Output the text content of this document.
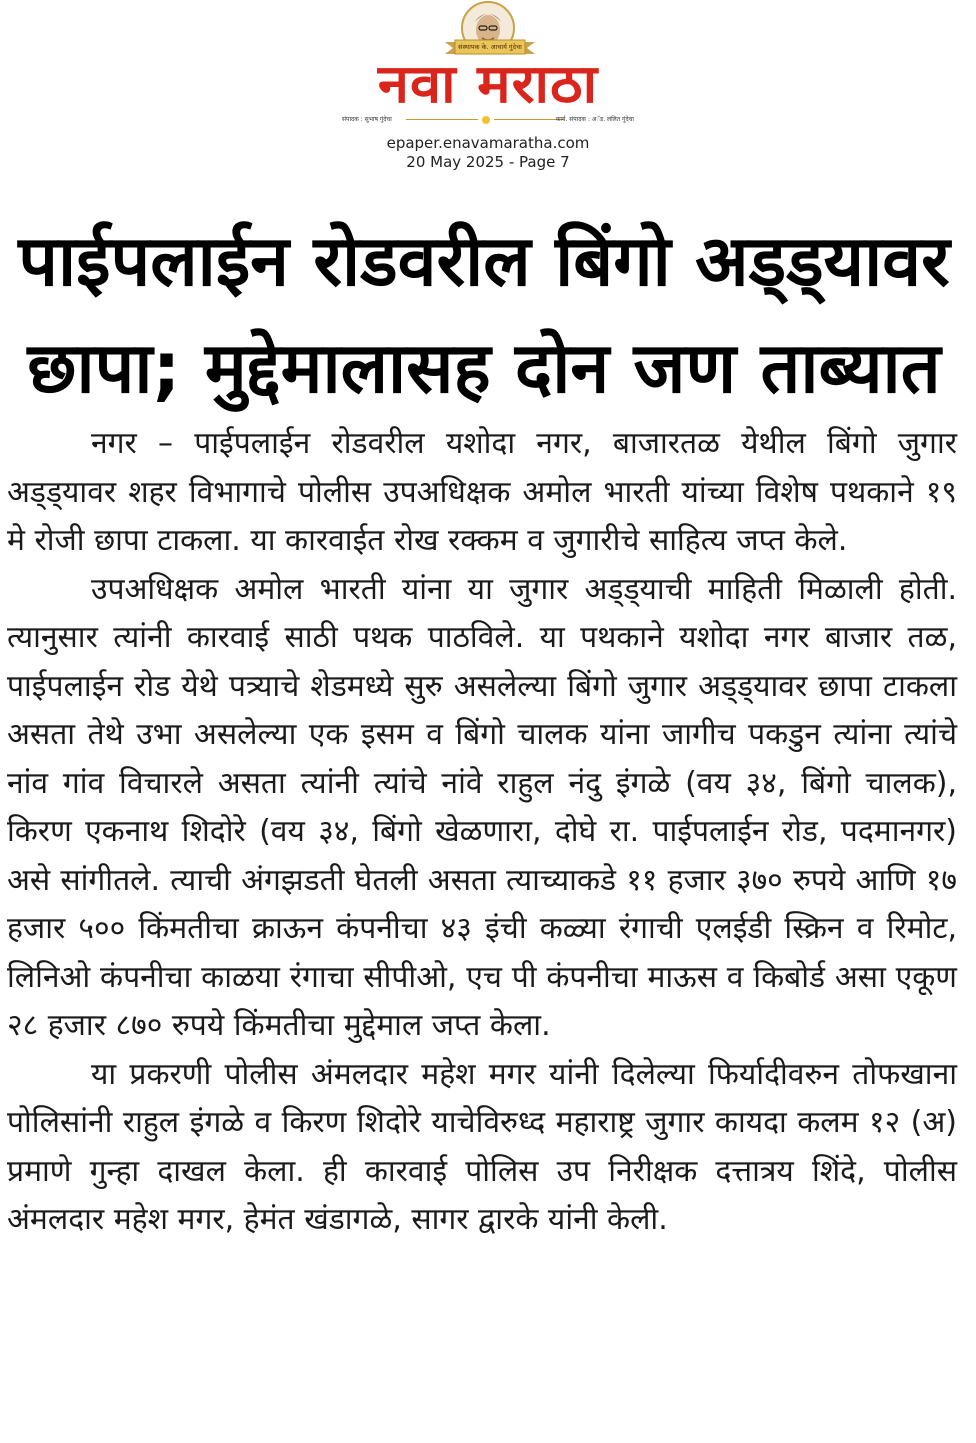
संस्थापक के. आचार्य गुंदेचा
नवा मराठा
संपादक : सुभाष गुंदेचा	कार्य. संपादक : अॅड. ललित गुंदेचा
epaper.enavamaratha.com
20 May 2025 - Page 7
पाईपलाईन रोडवरील बिंगो अड्ड्यावर
छापा; मुद्देमालासह दोन जण ताब्यात

नगर – पाईपलाईन रोडवरील यशोदा नगर, बाजारतळ येथील बिंगो जुगार अड्ड्यावर शहर विभागाचे पोलीस उपअधिक्षक अमोल भारती यांच्या विशेष पथकाने १९ मे रोजी छापा टाकला. या कारवाईत रोख रक्कम व जुगारीचे साहित्य जप्त केले.

उपअधिक्षक अमोल भारती यांना या जुगार अड्ड्याची माहिती मिळाली होती. त्यानुसार त्यांनी कारवाई साठी पथक पाठविले. या पथकाने यशोदा नगर बाजार तळ, पाईपलाईन रोड येथे पत्र्याचे शेडमध्ये सुरु असलेल्या बिंगो जुगार अड्ड्यावर छापा टाकला असता तेथे उभा असलेल्या एक इसम व बिंगो चालक यांना जागीच पकडुन त्यांना त्यांचे नांव गांव विचारले असता त्यांनी त्यांचे नांवे राहुल नंदु इंगळे (वय ३४, बिंगो चालक), किरण एकनाथ शिदोरे (वय ३४, बिंगो खेळणारा, दोघे रा. पाईपलाईन रोड, पदमानगर) असे सांगीतले. त्याची अंगझडती घेतली असता त्याच्याकडे ११ हजार ३७० रुपये आणि १७ हजार ५०० किंमतीचा क्राऊन कंपनीचा ४३ इंची कळ्या रंगाची एलईडी स्क्रिन व रिमोट, लिनिओ कंपनीचा काळया रंगाचा सीपीओ, एच पी कंपनीचा माऊस व किबोर्ड असा एकूण २८ हजार ८७० रुपये किंमतीचा मुद्देमाल जप्त केला.

या प्रकरणी पोलीस अंमलदार महेश मगर यांनी दिलेल्या फिर्यादीवरुन तोफखाना पोलिसांनी राहुल इंगळे व किरण शिदोरे याचेविरुध्द महाराष्ट्र जुगार कायदा कलम १२ (अ) प्रमाणे गुन्हा दाखल केला. ही कारवाई पोलिस उप निरीक्षक दत्तात्रय शिंदे, पोलीस अंमलदार महेश मगर, हेमंत खंडागळे, सागर द्वारके यांनी केली.
